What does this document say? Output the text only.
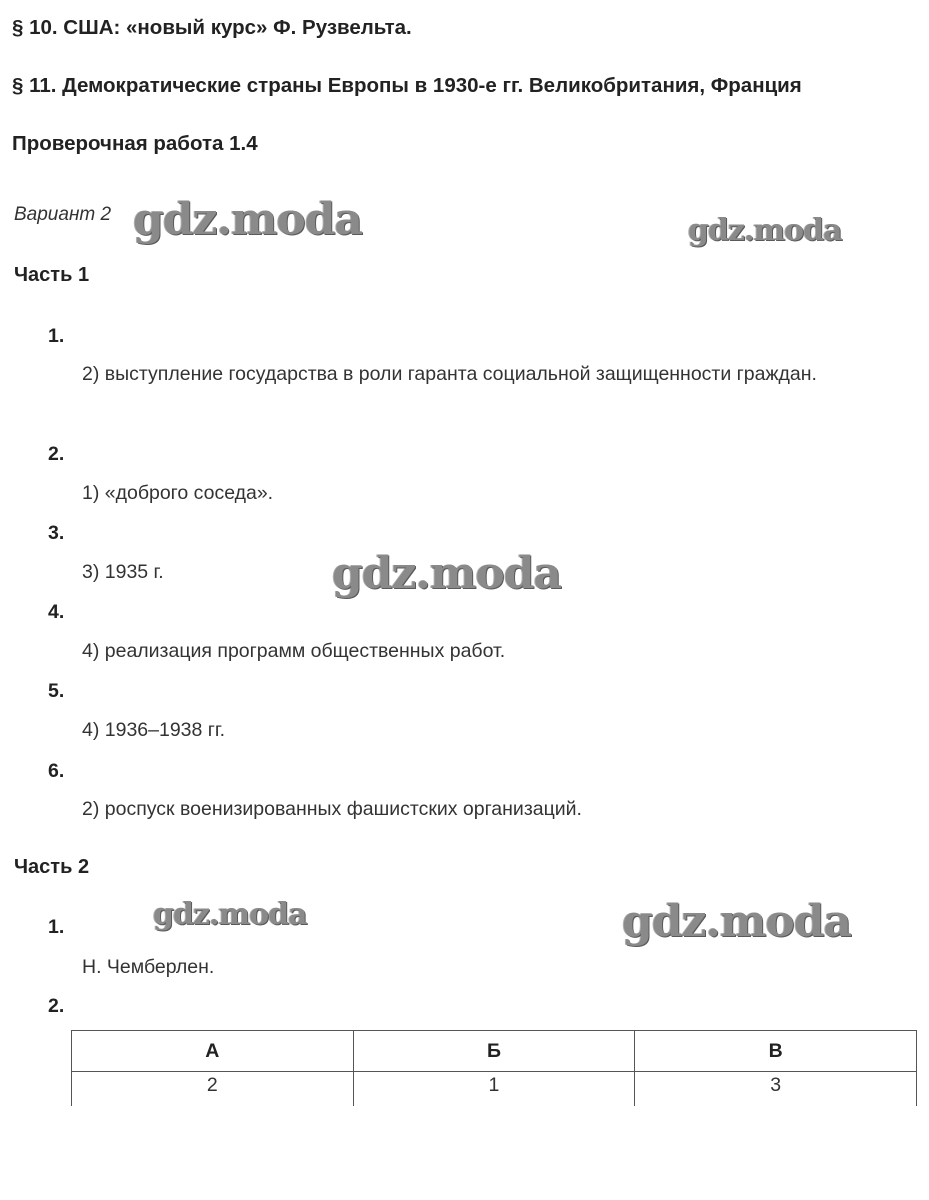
§ 10. США: «новый курс» Ф. Рузвельта.
§ 11. Демократические страны Европы в 1930-е гг. Великобритания, Франция
Проверочная работа 1.4
Вариант 2 gdz.moda	gdz.moda
gdz.moda
gdz.moda	gdz.moda
Часть 1
1.
2) выступление государства в роли гаранта социальной защищенности граждан.
2.
1) «доброго соседа».
3.
3) 1935 г.
4.
4) реализация программ общественных работ.
5.
4) 1936–1938 гг.
6.
2) роспуск военизированных фашистских организаций.
Часть 2
1.
Н. Чемберлен.
2.
А	Б	В
2	1	3
